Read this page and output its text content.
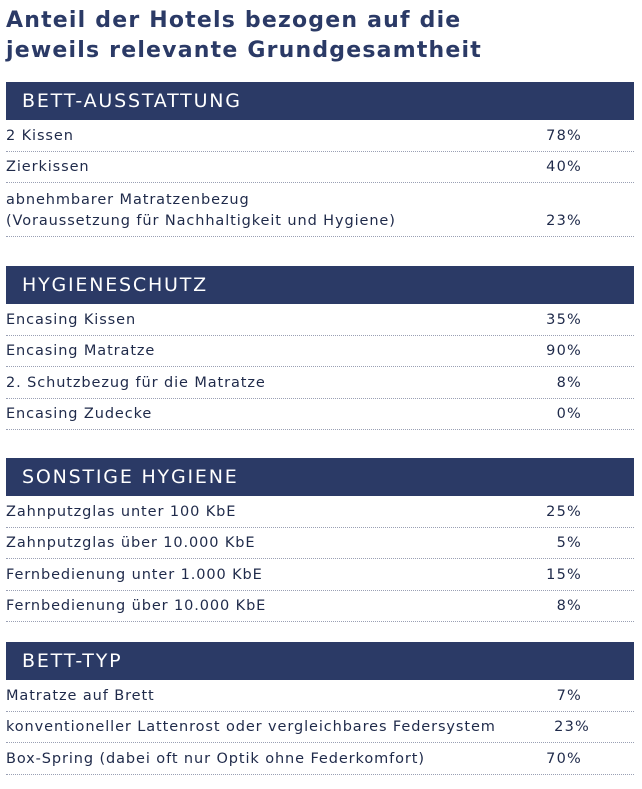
Anteil der Hotels bezogen auf die
jeweils relevante Grundgesamtheit
BETT-AUSSTATTUNG
2 Kissen	78%
Zierkissen	40%
abnehmbarer Matratzenbezug
(Voraussetzung für Nachhaltigkeit und Hygiene)	23%
HYGIENESCHUTZ
Encasing Kissen	35%
Encasing Matratze	90%
2. Schutzbezug für die Matratze	8%
Encasing Zudecke	0%
SONSTIGE HYGIENE
Zahnputzglas unter 100 KbE	25%
Zahnputzglas über 10.000 KbE	5%
Fernbedienung unter 1.000 KbE	15%
Fernbedienung über 10.000 KbE	8%
BETT-TYP
Matratze auf Brett	7%
konventioneller Lattenrost oder vergleichbares Federsystem	23%
Box-Spring (dabei oft nur Optik ohne Federkomfort)	70%
